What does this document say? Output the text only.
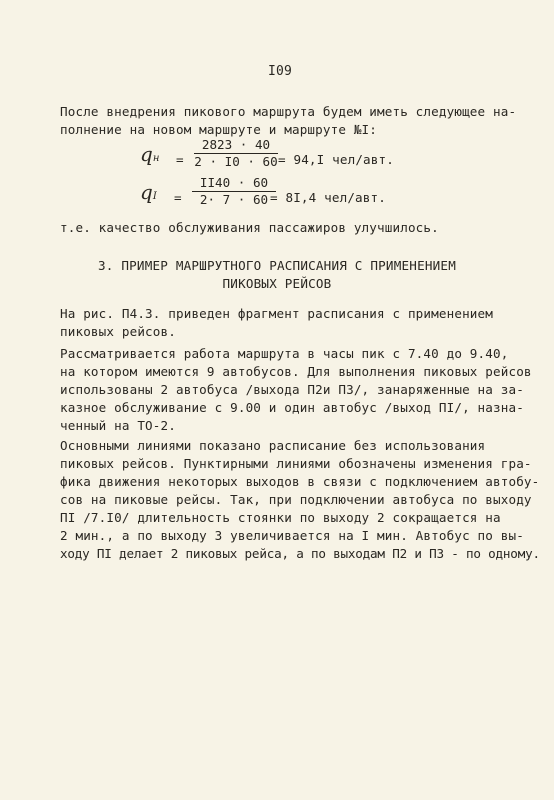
I09
После внедрения пикового маршрута будем иметь следующее на-
полнение на новом маршруте и маршруте №I:
qн = $\frac{2823 \cdot 40}{2 \cdot I0 \cdot 60} = 94,I$ чел/авт.
qI = $\frac{II40 \cdot 60}{2\cdot 7 \cdot 60}$
= 8I,4 чел/авт.
т.е. качество обслуживания пассажиров улучшилось.
3. ПРИМЕР МАРШРУТНОГО РАСПИСАНИЯ С ПРИМЕНЕНИЕМ
ПИКОВЫХ РЕЙСОВ
На рис. П4.3. приведен фрагмент расписания с применением
пиковых рейсов.
Рассматривается работа маршрута в часы пик с 7.40 до 9.40,
на котором имеются 9 автобусов. Для выполнения пиковых рейсов
использованы 2 автобуса /выхода П2и П3/, занаряженные на за-
казное обслуживание с 9.00 и один автобус /выход ПI/, назна-
ченный на ТО-2.
Основными линиями показано расписание без использования
пиковых рейсов. Пунктирными линиями обозначены изменения гра-
фика движения некоторых выходов в связи с подключением автобу-
сов на пиковые рейсы. Так, при подключении автобуса по выходу
ПI /7.I0/ длительность стоянки по выходу 2 сокращается на
2 мин., а по выходу 3 увеличивается на I мин. Автобус по вы-
ходу ПI делает 2 пиковых рейса, а по выходам П2 и П3 - по одному.
